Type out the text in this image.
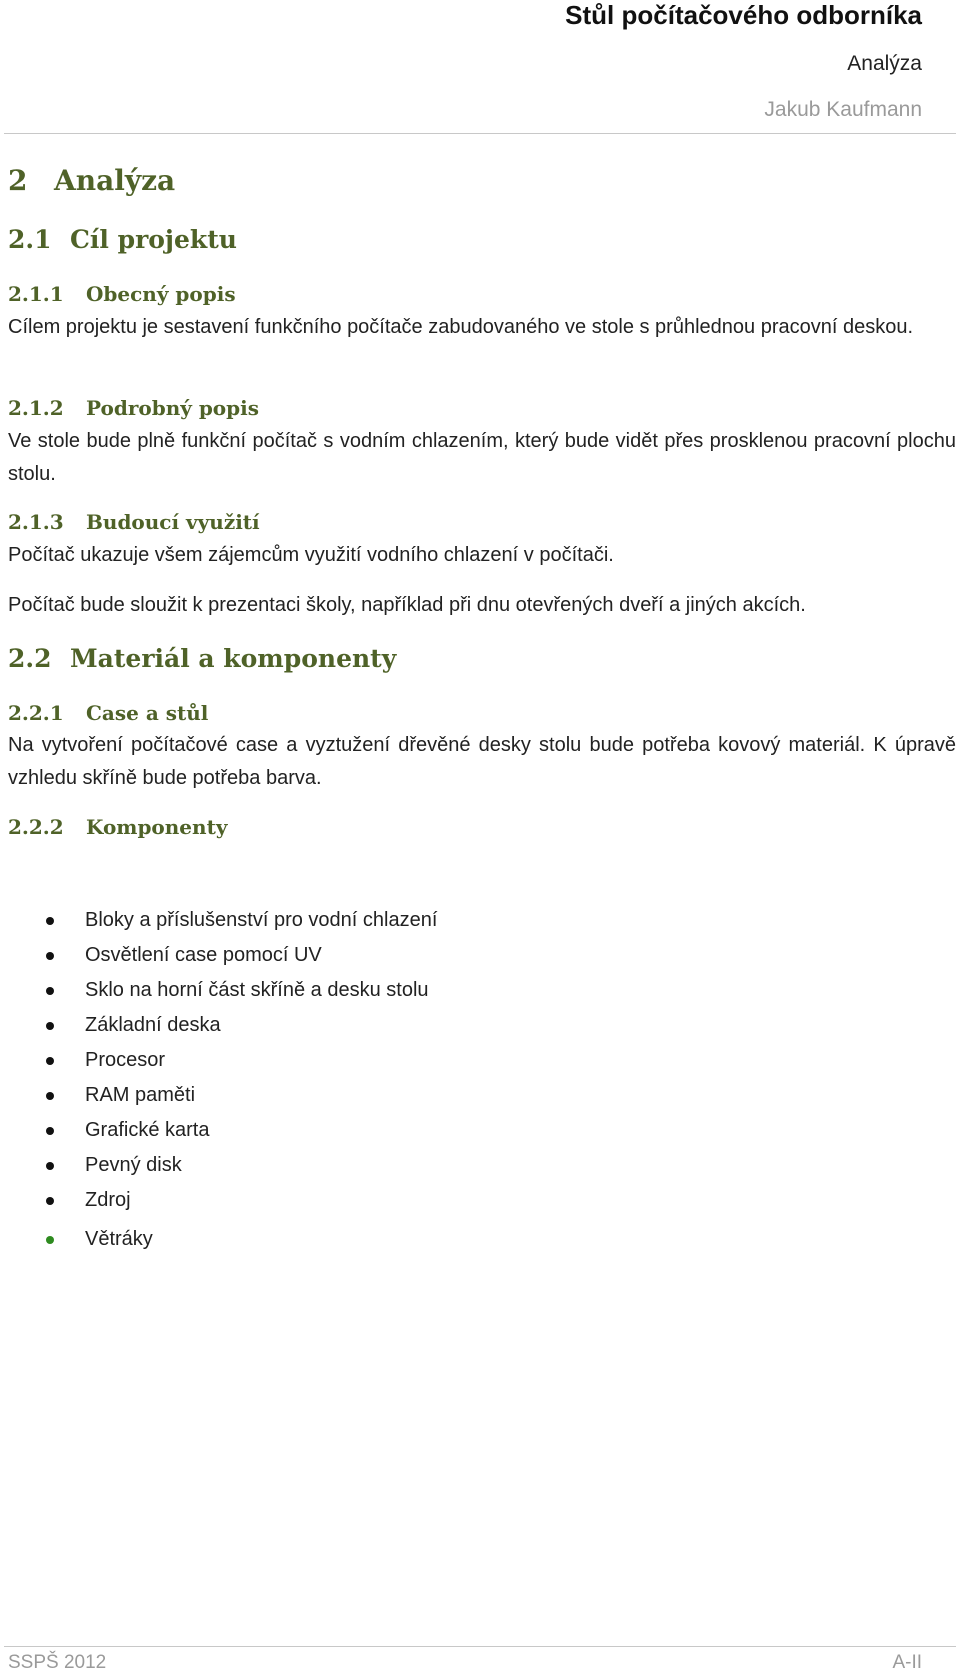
Stůl počítačového odborníka
Analýza
Jakub Kaufmann
2 Analýza
2.1 Cíl projektu
2.1.1 Obecný popis
Cílem projektu je sestavení funkčního počítače zabudovaného ve stole s průhlednou pracovní deskou.
2.1.2 Podrobný popis
Ve stole bude plně funkční počítač s vodním chlazením, který bude vidět přes prosklenou pracovní plochu stolu.
2.1.3 Budoucí využití
Počítač ukazuje všem zájemcům využití vodního chlazení v počítači.
Počítač bude sloužit k prezentaci školy, například při dnu otevřených dveří a jiných akcích.
2.2 Materiál a komponenty
2.2.1 Case a stůl
Na vytvoření počítačové case a vyztužení dřevěné desky stolu bude potřeba kovový materiál. K úpravě vzhledu skříně bude potřeba barva.
2.2.2 Komponenty
Bloky a příslušenství pro vodní chlazení
Osvětlení case pomocí UV
Sklo na horní část skříně a desku stolu
Základní deska
Procesor
RAM paměti
Grafické karta
Pevný disk
Zdroj
Větráky
SSPŠ 2012	A-II
